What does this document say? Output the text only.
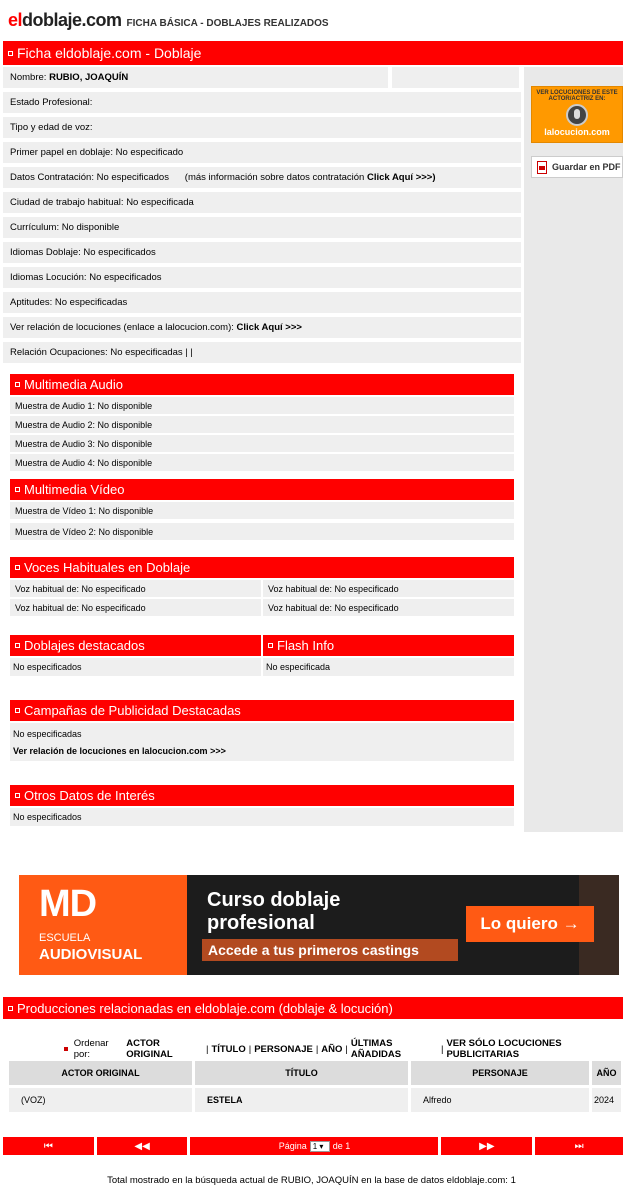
eldoblaje.com FICHA BÁSICA - DOBLAJES REALIZADOS
Ficha eldoblaje.com - Doblaje
Nombre:
RUBIO, JOAQUÍN
Estado Profesional:
Tipo y edad de voz:
Primer papel en doblaje: No especificado
Datos Contratación: No especificados      (más información sobre datos contratación
Click Aquí >>>)
Ciudad de trabajo habitual: No especificada
Currículum: No disponible
Idiomas Doblaje: No especificados
Idiomas Locución: No especificados
Aptitudes: No especificadas
Ver relación de locuciones (enlace a lalocucion.com):
Click Aquí >>>
Relación Ocupaciones: No especificadas | |
VER LOCUCIONES DE ESTE ACTOR/ACTRIZ EN:
lalocucion.com
Guardar en PDF
Multimedia Audio
Muestra de Audio 1: No disponible
Muestra de Audio 2: No disponible
Muestra de Audio 3: No disponible
Muestra de Audio 4: No disponible
Multimedia Vídeo
Muestra de Vídeo 1: No disponible
Muestra de Vídeo 2: No disponible
Voces Habituales en Doblaje
Voz habitual de: No especificado	Voz habitual de: No especificado
Voz habitual de: No especificado	Voz habitual de: No especificado
Doblajes destacados	Flash Info
No especificados	No especificada
Campañas de Publicidad Destacadas
No especificadas
Ver relación de locuciones en lalocucion.com >>>
Otros Datos de Interés
No especificados
MD
ESCUELA
AUDIOVISUAL
Curso doblaje
profesional
Accede a tus primeros castings
Lo quiero →
Producciones relacionadas en eldoblaje.com (doblaje & locución)
Ordenar por:

ACTOR ORIGINAL	| TÍTULO | PERSONAJE | AÑO | ÚLTIMAS AÑADIDAS	| VER SÓLO LOCUCIONES PUBLICITARIAS
ACTOR ORIGINAL	TÍTULO	PERSONAJE	AÑO
(VOZ)	ESTELA	Alfredo	2024
⏮	◀◀	Página 1 ▾	de 1	▶▶	⏭
Total mostrado en la búsqueda actual de RUBIO, JOAQUÍN en la base de datos eldoblaje.com: 1
